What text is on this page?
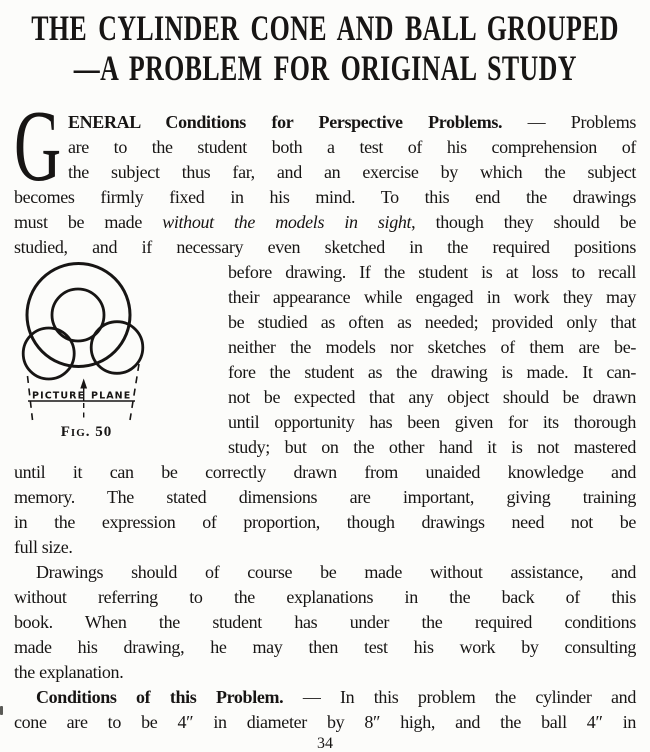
THE CYLINDER CONE AND BALL GROUPED
—A PROBLEM FOR ORIGINAL STUDY
G ENERAL Conditions for Perspective Problems. — Problems
are to the student both a test of his comprehension of
the subject thus far, and an exercise by which the subject
becomes firmly fixed in his mind. To this end the drawings
must be made without the models in sight, though they should be
studied, and if necessary even sketched in the required positions
PICTURE PLANE
Fig. 50
before drawing. If the student is at loss to recall
their appearance while engaged in work they may
be studied as often as needed; provided only that
neither the models nor sketches of them are be-
fore the student as the drawing is made. It can-
not be expected that any object should be drawn
until opportunity has been given for its thorough
study; but on the other hand it is not mastered
until it can be correctly drawn from unaided knowledge and
memory. The stated dimensions are important, giving training
in the expression of proportion, though drawings need not be
full size.
Drawings should of course be made without assistance, and
without referring to the explanations in the back of this
book. When the student has under the required conditions
made his drawing, he may then test his work by consulting
the explanation.
Conditions of this Problem. — In this problem the cylinder and
cone are to be 4″ in diameter by 8″ high, and the ball 4″ in
34
